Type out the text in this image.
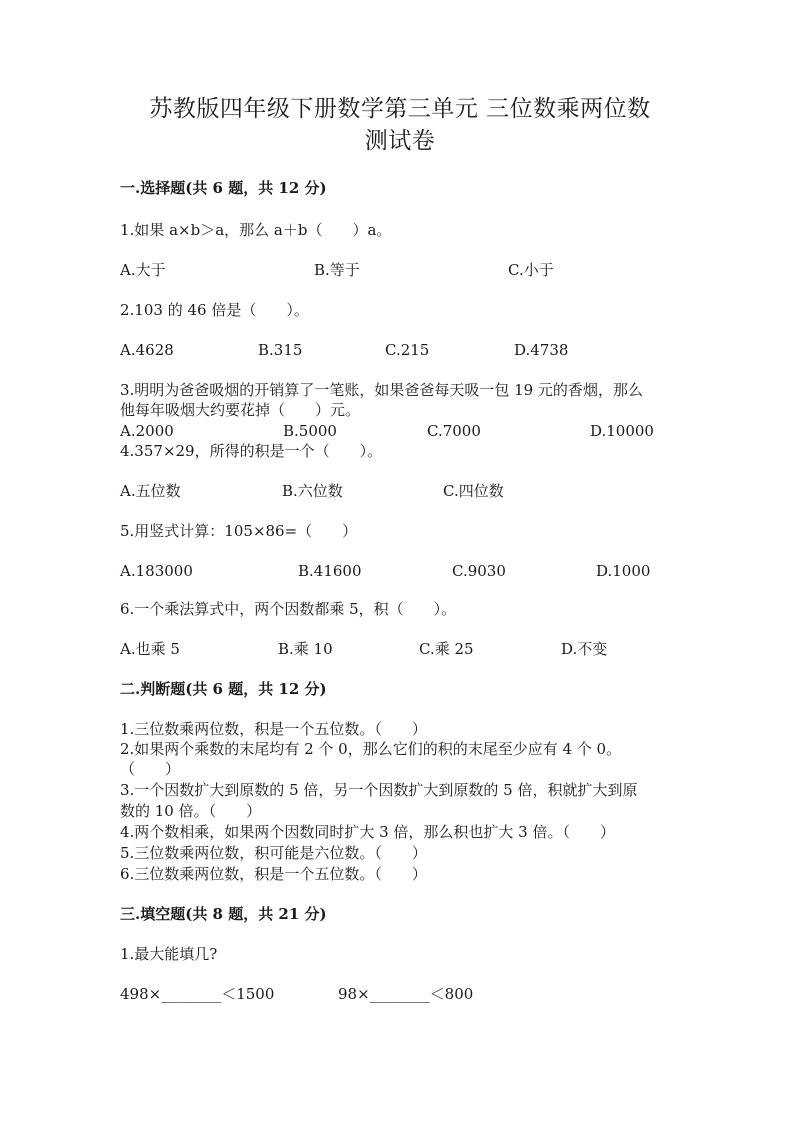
苏教版四年级下册数学第三单元 三位数乘两位数
测试卷
一.选择题(共 6 题，共 12 分)
1.如果 a×b＞a，那么 a＋b（　　）a。
A.大于	B.等于	C.小于
2.103 的 46 倍是（　　）。
A.4628	B.315	C.215	D.4738
3.明明为爸爸吸烟的开销算了一笔账，如果爸爸每天吸一包 19 元的香烟，那么
他每年吸烟大约要花掉（　　）元。
A.2000	B.5000	C.7000	D.10000
4.357×29，所得的积是一个（　　）。
A.五位数	B.六位数	C.四位数
5.用竖式计算：105×86=（　　）
A.183000	B.41600	C.9030	D.1000
6.一个乘法算式中，两个因数都乘 5，积（　　）。
A.也乘 5	B.乘 10	C.乘 25	D.不变
二.判断题(共 6 题，共 12 分)
1.三位数乘两位数，积是一个五位数。（　　）
2.如果两个乘数的末尾均有 2 个 0，那么它们的积的末尾至少应有 4 个 0。
（　　）
3.一个因数扩大到原数的 5 倍，另一个因数扩大到原数的 5 倍，积就扩大到原
数的 10 倍。（　　）
4.两个数相乘，如果两个因数同时扩大 3 倍，那么积也扩大 3 倍。（　　）
5.三位数乘两位数，积可能是六位数。（　　）
6.三位数乘两位数，积是一个五位数。（　　）
三.填空题(共 8 题，共 21 分)
1.最大能填几?
498×________＜1500	98×________＜800
